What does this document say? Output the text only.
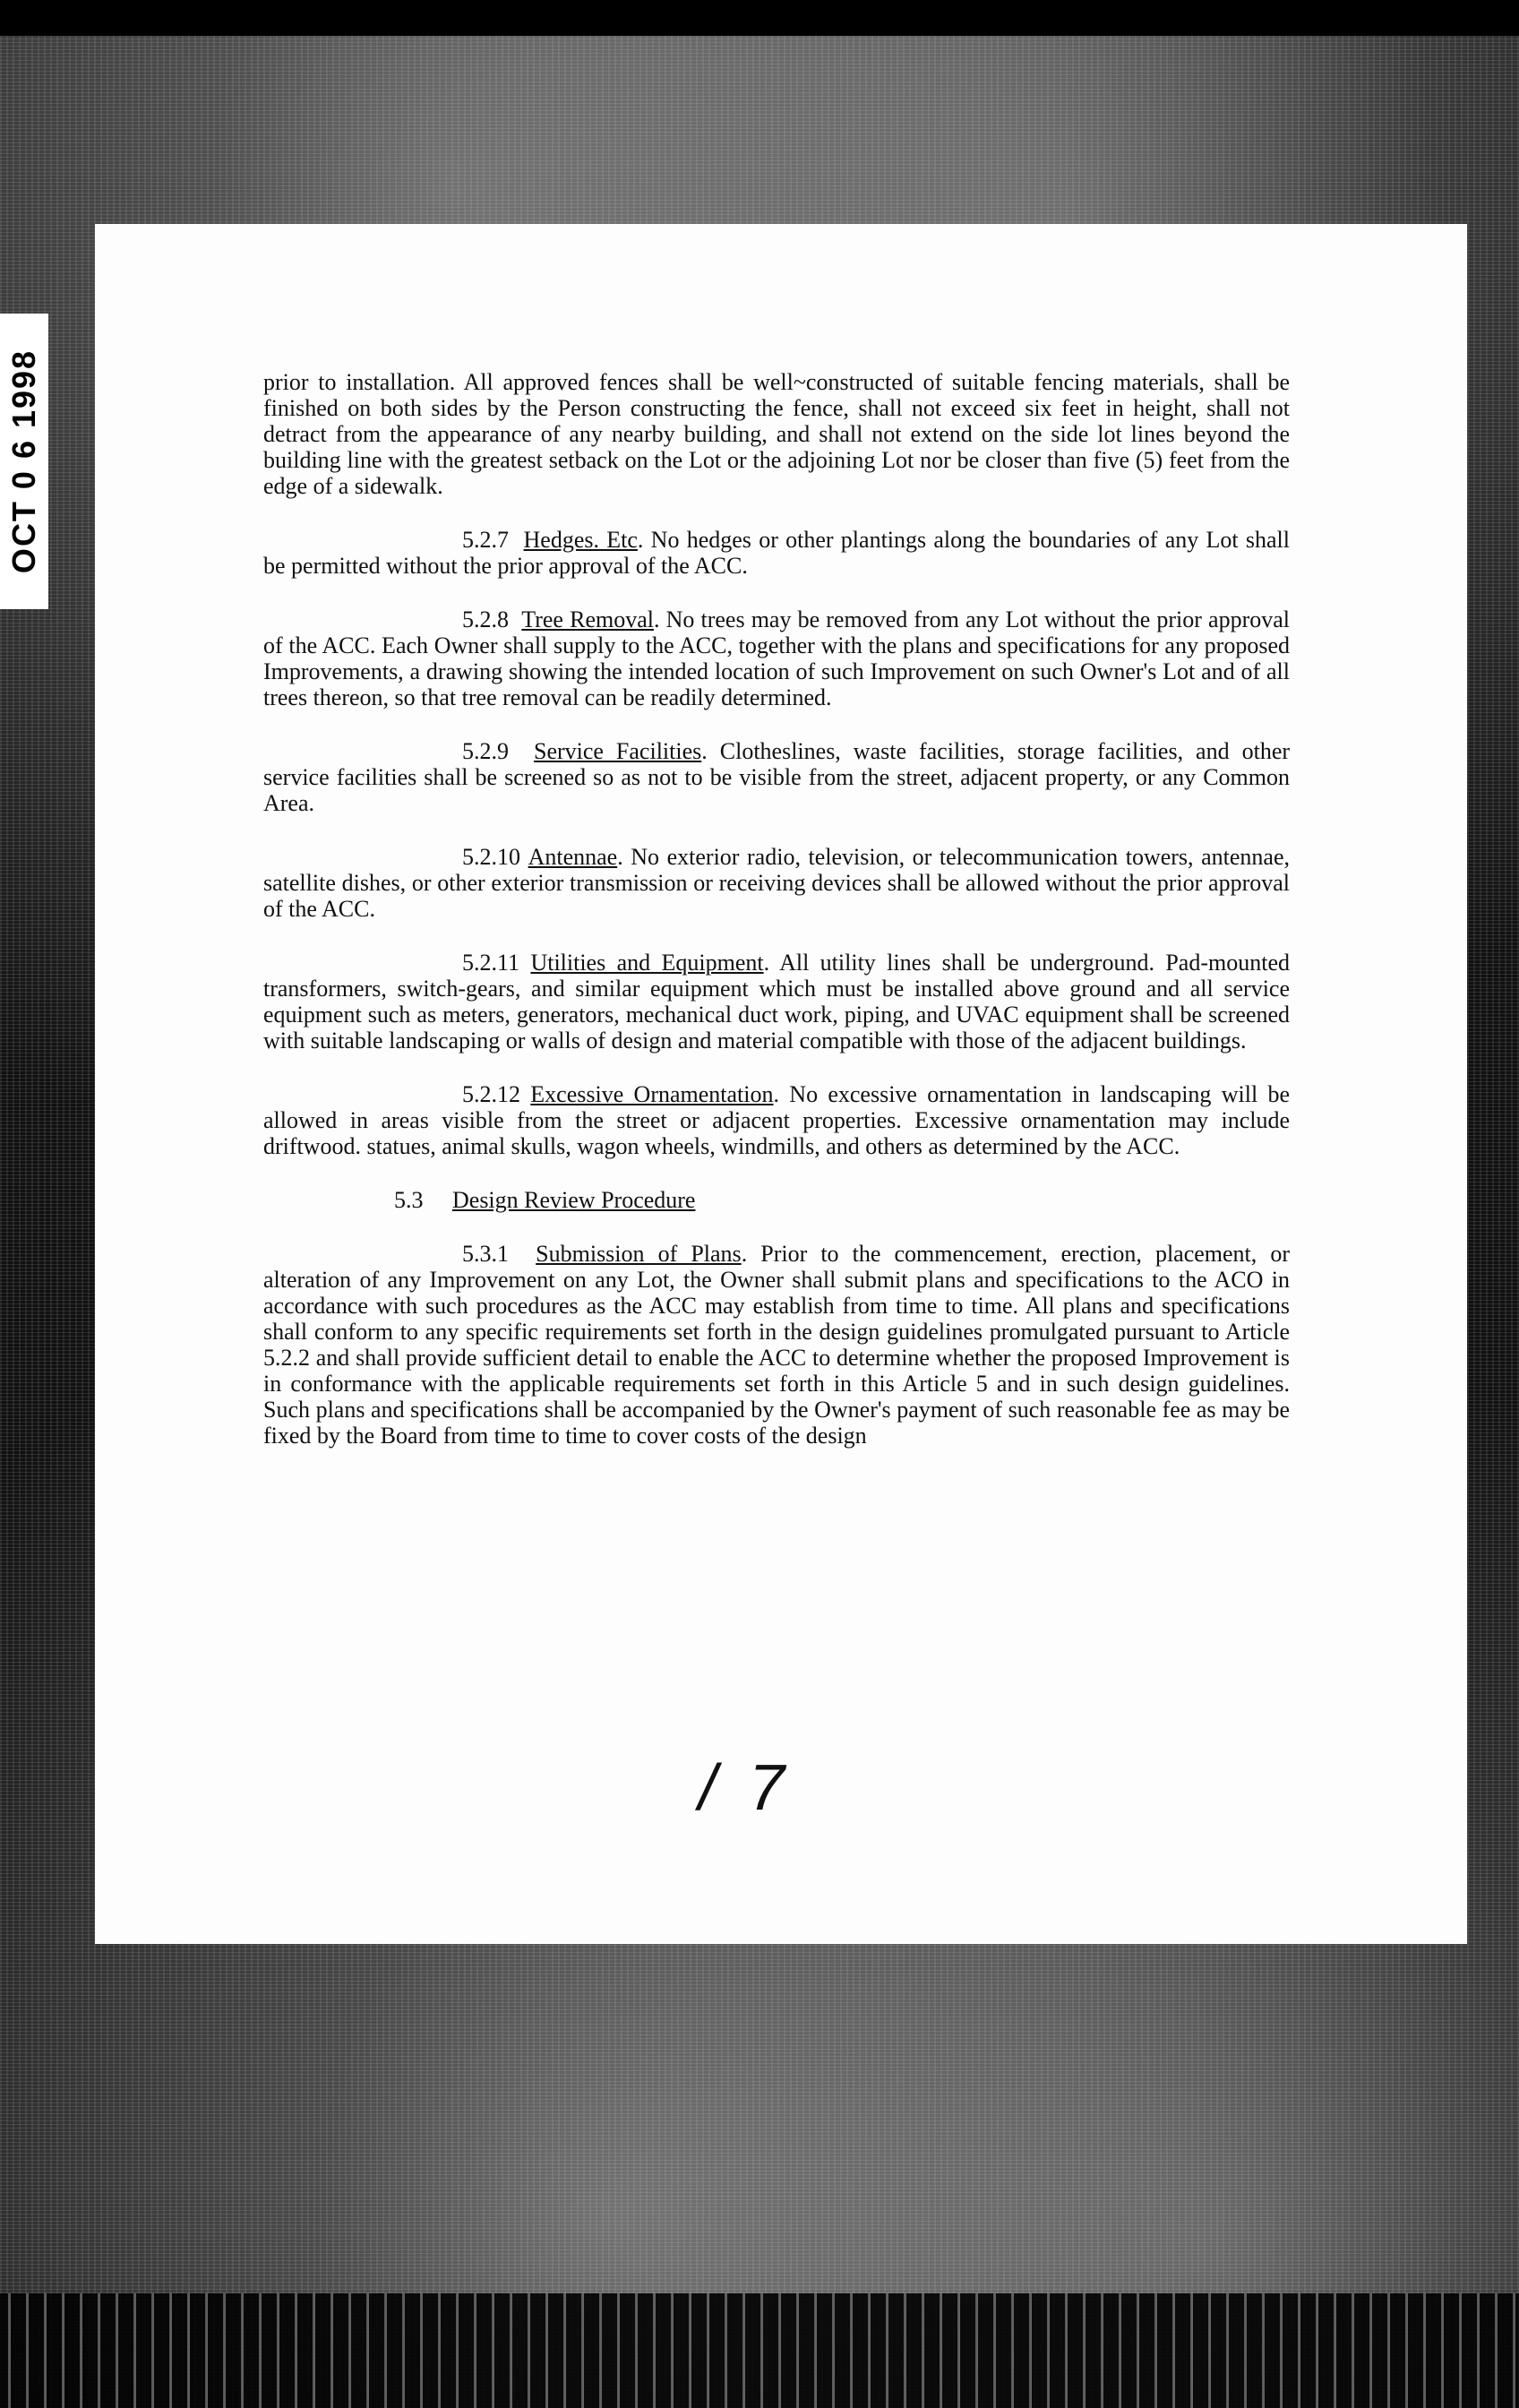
OCT 0 6 1998	prior to installation. All approved fences shall be well~constructed of suitable fencing materials, shall be finished on both sides by the Person constructing the fence, shall not exceed six feet in height, shall not detract from the appearance of any nearby building, and shall not extend on the side lot lines beyond the building line with the greatest setback on the Lot or the adjoining Lot nor be closer than five (5) feet from the edge of a sidewalk.

5.2.7 Hedges. Etc. No hedges or other plantings along the boundaries of any Lot shall be permitted without the prior approval of the ACC.

5.2.8 Tree Removal. No trees may be removed from any Lot without the prior approval of the ACC. Each Owner shall supply to the ACC, together with the plans and specifications for any proposed Improvements, a drawing showing the intended location of such Improvement on such Owner's Lot and of all trees thereon, so that tree removal can be readily determined.

5.2.9 Service Facilities. Clotheslines, waste facilities, storage facilities, and other service facilities shall be screened so as not to be visible from the street, adjacent property, or any Common Area.

5.2.10 Antennae. No exterior radio, television, or telecommunication towers, antennae, satellite dishes, or other exterior transmission or receiving devices shall be allowed without the prior approval of the ACC.

5.2.11 Utilities and Equipment. All utility lines shall be underground. Pad-mounted transformers, switch-gears, and similar equipment which must be installed above ground and all service equipment such as meters, generators, mechanical duct work, piping, and UVAC equipment shall be screened with suitable landscaping or walls of design and material compatible with those of the adjacent buildings.

5.2.12 Excessive Ornamentation. No excessive ornamentation in landscaping will be allowed in areas visible from the street or adjacent properties. Excessive ornamentation may include driftwood. statues, animal skulls, wagon wheels, windmills, and others as determined by the ACC.

5.3 Design Review Procedure

5.3.1 Submission of Plans. Prior to the commencement, erection, placement, or alteration of any Improvement on any Lot, the Owner shall submit plans and specifications to the ACO in accordance with such procedures as the ACC may establish from time to time. All plans and specifications shall conform to any specific requirements set forth in the design guidelines promulgated pursuant to Article 5.2.2 and shall provide sufficient detail to enable the ACC to determine whether the proposed Improvement is in conformance with the applicable requirements set forth in this Article 5 and in such design guidelines. Such plans and specifications shall be accompanied by the Owner's payment of such reasonable fee as may be fixed by the Board from time to time to cover costs of the design

/ 7
